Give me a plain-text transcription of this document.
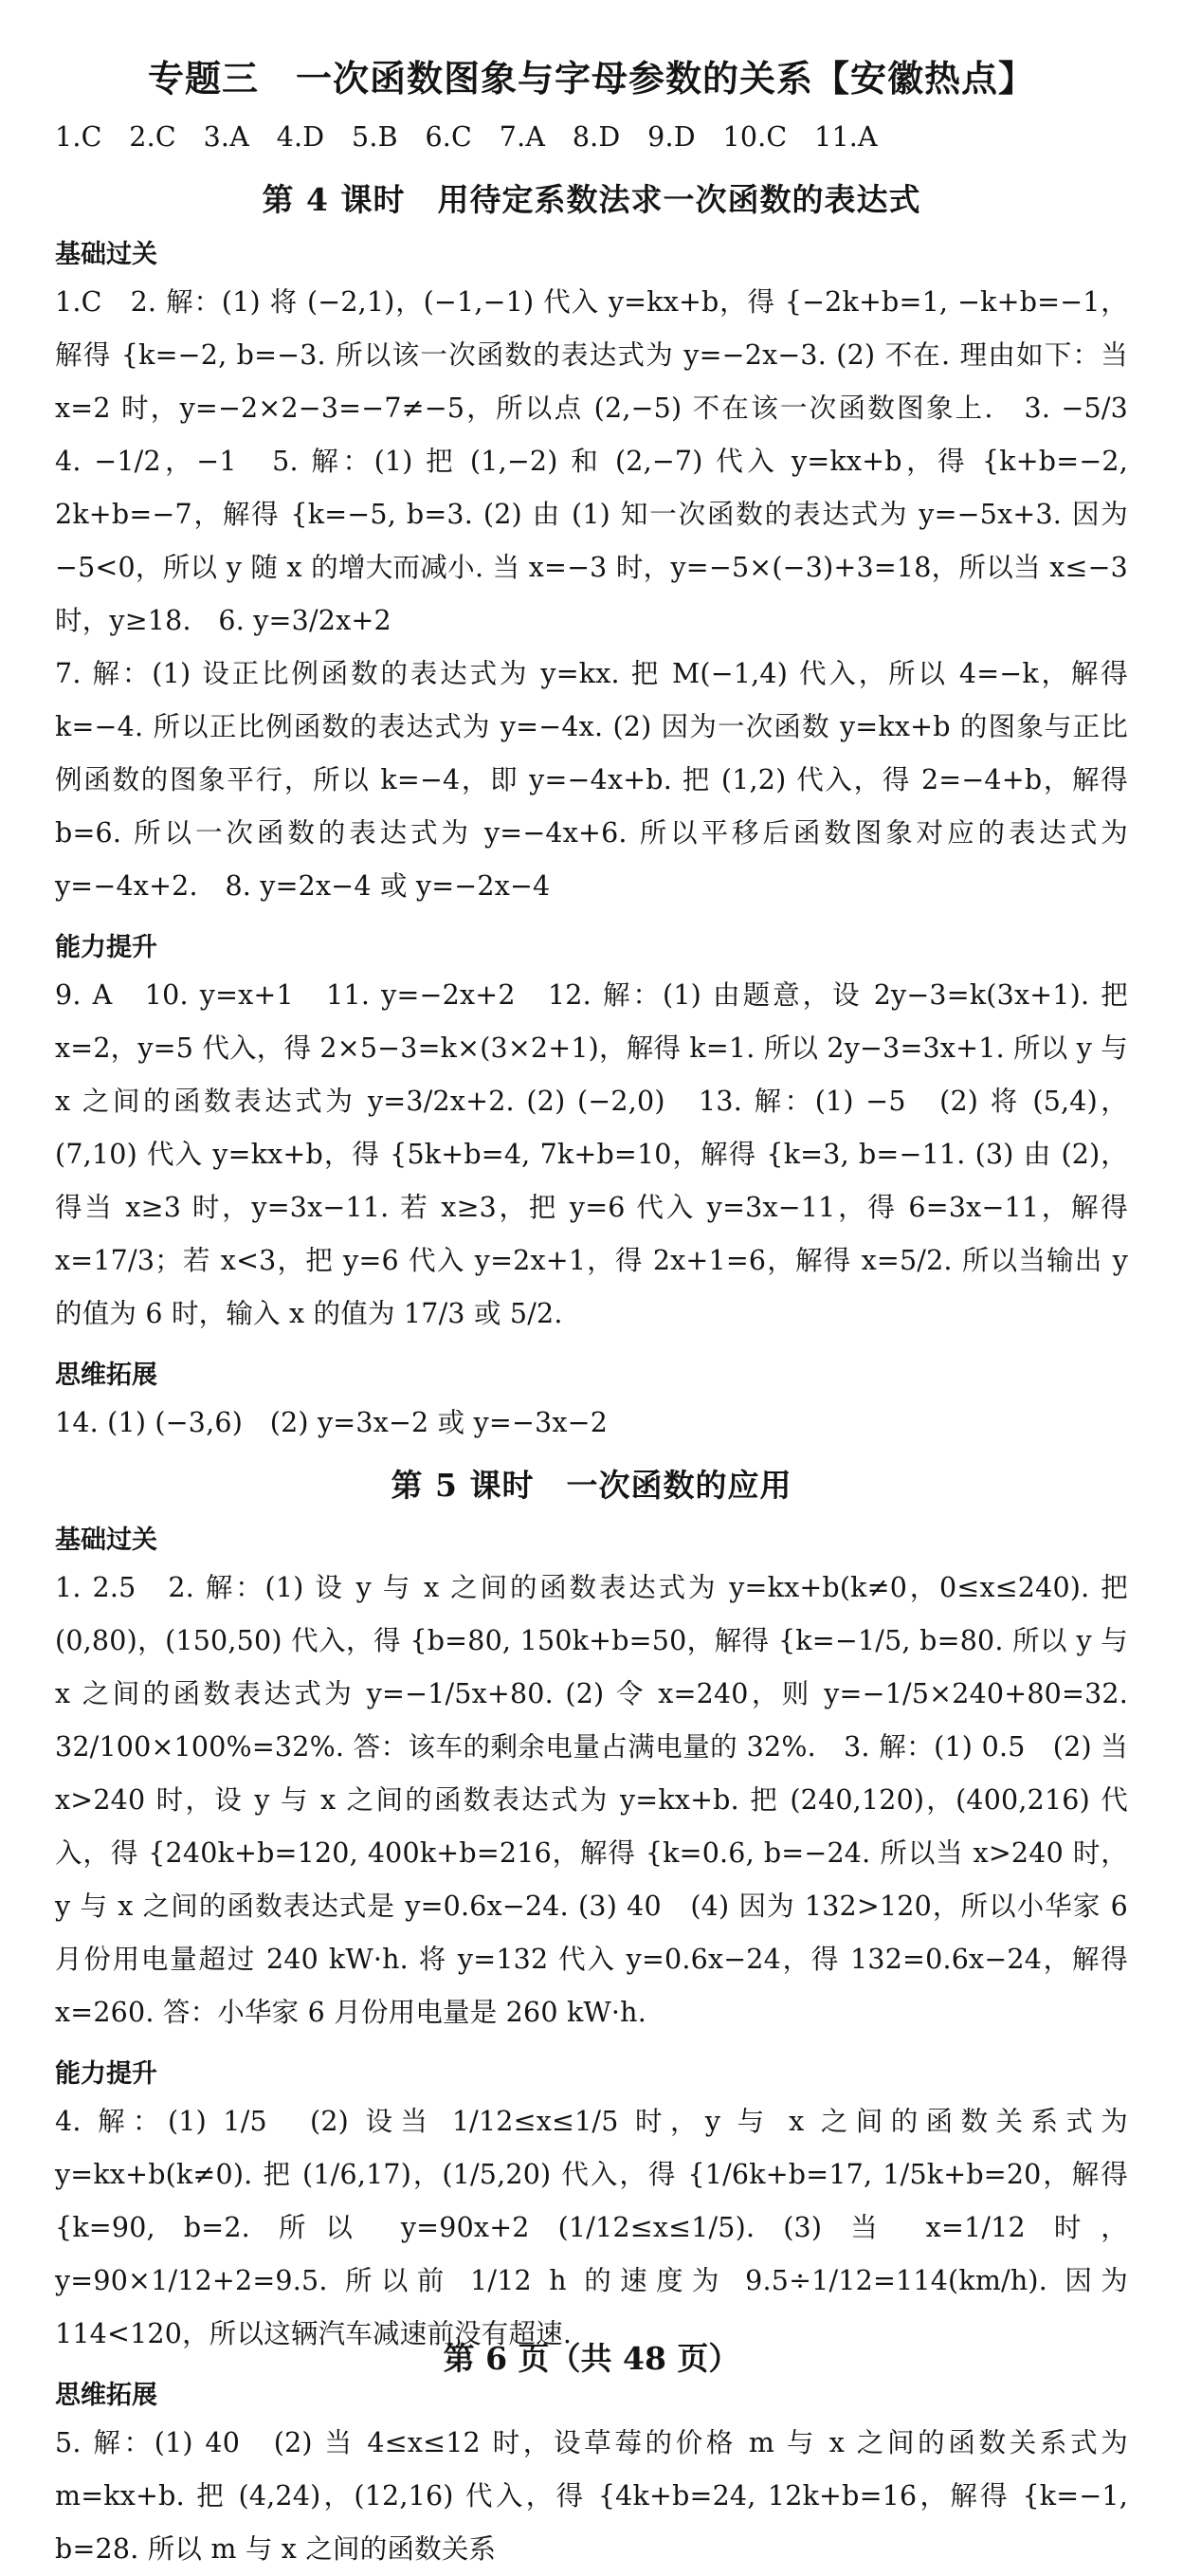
专题三　一次函数图象与字母参数的关系【安徽热点】

1.C　2.C　3.A　4.D　5.B　6.C　7.A　8.D　9.D　10.C　11.A

第 4 课时　用待定系数法求一次函数的表达式
基础过关

1.C　2. 解：(1) 将 (−2,1)，(−1,−1) 代入 y=kx+b，得 {−2k+b=1, −k+b=−1，解得 {k=−2, b=−3. 所以该一次函数的表达式为 y=−2x−3. (2) 不在. 理由如下：当 x=2 时，y=−2×2−3=−7≠−5，所以点 (2,−5) 不在该一次函数图象上.　3. −5/3　4. −1/2，−1　5. 解：(1) 把 (1,−2) 和 (2,−7) 代入 y=kx+b，得 {k+b=−2, 2k+b=−7，解得 {k=−5, b=3. (2) 由 (1) 知一次函数的表达式为 y=−5x+3. 因为 −5<0，所以 y 随 x 的增大而减小. 当 x=−3 时，y=−5×(−3)+3=18，所以当 x≤−3 时，y≥18.　6. y=3/2x+2

7. 解：(1) 设正比例函数的表达式为 y=kx. 把 M(−1,4) 代入，所以 4=−k，解得 k=−4. 所以正比例函数的表达式为 y=−4x. (2) 因为一次函数 y=kx+b 的图象与正比例函数的图象平行，所以 k=−4，即 y=−4x+b. 把 (1,2) 代入，得 2=−4+b，解得 b=6. 所以一次函数的表达式为 y=−4x+6. 所以平移后函数图象对应的表达式为 y=−4x+2.　8. y=2x−4 或 y=−2x−4

能力提升

9. A　10. y=x+1　11. y=−2x+2　12. 解：(1) 由题意，设 2y−3=k(3x+1). 把 x=2，y=5 代入，得 2×5−3=k×(3×2+1)，解得 k=1. 所以 2y−3=3x+1. 所以 y 与 x 之间的函数表达式为 y=3/2x+2. (2) (−2,0)　13. 解：(1) −5　(2) 将 (5,4)，(7,10) 代入 y=kx+b，得 {5k+b=4, 7k+b=10，解得 {k=3, b=−11. (3) 由 (2)，得当 x≥3 时，y=3x−11. 若 x≥3，把 y=6 代入 y=3x−11，得 6=3x−11，解得 x=17/3；若 x<3，把 y=6 代入 y=2x+1，得 2x+1=6，解得 x=5/2. 所以当输出 y 的值为 6 时，输入 x 的值为 17/3 或 5/2.

思维拓展

14. (1) (−3,6)　(2) y=3x−2 或 y=−3x−2

第 5 课时　一次函数的应用
基础过关

1. 2.5　2. 解：(1) 设 y 与 x 之间的函数表达式为 y=kx+b(k≠0，0≤x≤240). 把 (0,80)，(150,50) 代入，得 {b=80, 150k+b=50，解得 {k=−1/5, b=80. 所以 y 与 x 之间的函数表达式为 y=−1/5x+80. (2) 令 x=240，则 y=−1/5×240+80=32. 32/100×100%=32%. 答：该车的剩余电量占满电量的 32%.　3. 解：(1) 0.5　(2) 当 x>240 时，设 y 与 x 之间的函数表达式为 y=kx+b. 把 (240,120)，(400,216) 代入，得 {240k+b=120, 400k+b=216，解得 {k=0.6, b=−24. 所以当 x>240 时，y 与 x 之间的函数表达式是 y=0.6x−24. (3) 40　(4) 因为 132>120，所以小华家 6 月份用电量超过 240 kW·h. 将 y=132 代入 y=0.6x−24，得 132=0.6x−24，解得 x=260. 答：小华家 6 月份用电量是 260 kW·h.

能力提升

4. 解：(1) 1/5　(2) 设当 1/12≤x≤1/5 时，y 与 x 之间的函数关系式为 y=kx+b(k≠0). 把 (1/6,17)，(1/5,20) 代入，得 {1/6k+b=17, 1/5k+b=20，解得 {k=90, b=2. 所以 y=90x+2 (1/12≤x≤1/5). (3) 当 x=1/12 时，y=90×1/12+2=9.5. 所以前 1/12 h 的速度为 9.5÷1/12=114(km/h). 因为 114<120，所以这辆汽车减速前没有超速.

思维拓展

5. 解：(1) 40　(2) 当 4≤x≤12 时，设草莓的价格 m 与 x 之间的函数关系式为 m=kx+b. 把 (4,24)，(12,16) 代入，得 {4k+b=24, 12k+b=16，解得 {k=−1, b=28. 所以 m 与 x 之间的函数关系

第 6 页（共 48 页）
